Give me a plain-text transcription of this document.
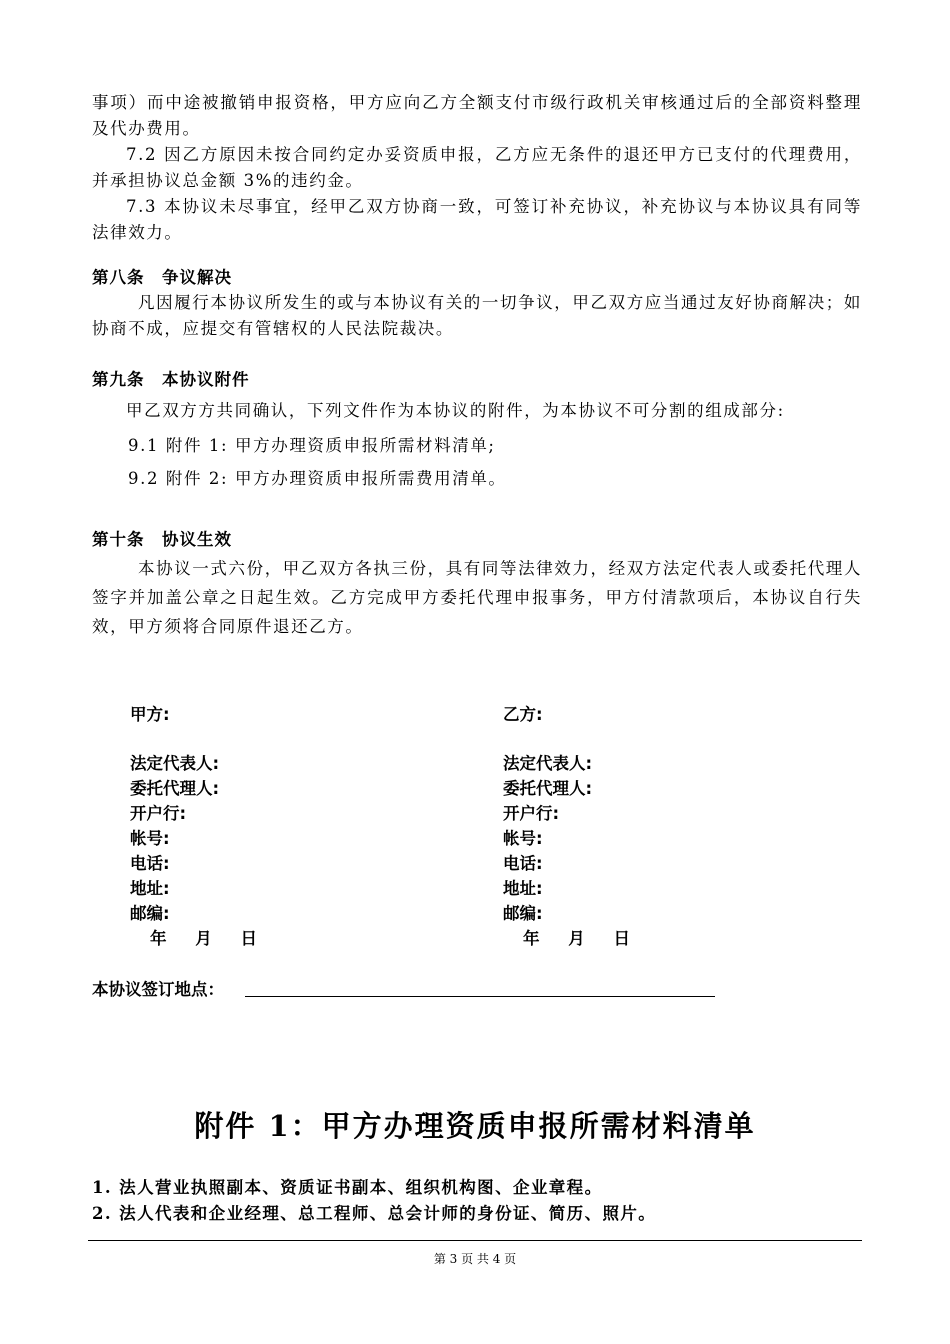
事项）而中途被撤销申报资格，甲方应向乙方全额支付市级行政机关审核通过后的全部资料整理及代办费用。
7.2 因乙方原因未按合同约定办妥资质申报，乙方应无条件的退还甲方已支付的代理费用，并承担协议总金额 3%的违约金。
7.3 本协议未尽事宜，经甲乙双方协商一致，可签订补充协议，补充协议与本协议具有同等法律效力。
第八条　争议解决
凡因履行本协议所发生的或与本协议有关的一切争议，甲乙双方应当通过友好协商解决；如协商不成，应提交有管辖权的人民法院裁决。
第九条　本协议附件
甲乙双方方共同确认，下列文件作为本协议的附件，为本协议不可分割的组成部分:
9.1 附件 1: 甲方办理资质申报所需材料清单;
9.2 附件 2: 甲方办理资质申报所需费用清单。
第十条　协议生效
本协议一式六份，甲乙双方各执三份，具有同等法律效力，经双方法定代表人或委托代理人签字并加盖公章之日起生效。乙方完成甲方委托代理申报事务，甲方付清款项后，本协议自行失效，甲方须将合同原件退还乙方。
甲方:
法定代表人:
委托代理人:
开户行:
帐号:
电话:
地址:
邮编:
年 月 日
乙方:
法定代表人:
委托代理人:
开户行:
帐号:
电话:
地址:
邮编:
年 月 日
本协议签订地点：
附件 1：甲方办理资质申报所需材料清单
1. 法人营业执照副本、资质证书副本、组织机构图、企业章程。
2. 法人代表和企业经理、总工程师、总会计师的身份证、简历、照片。
第 3 页 共 4 页
